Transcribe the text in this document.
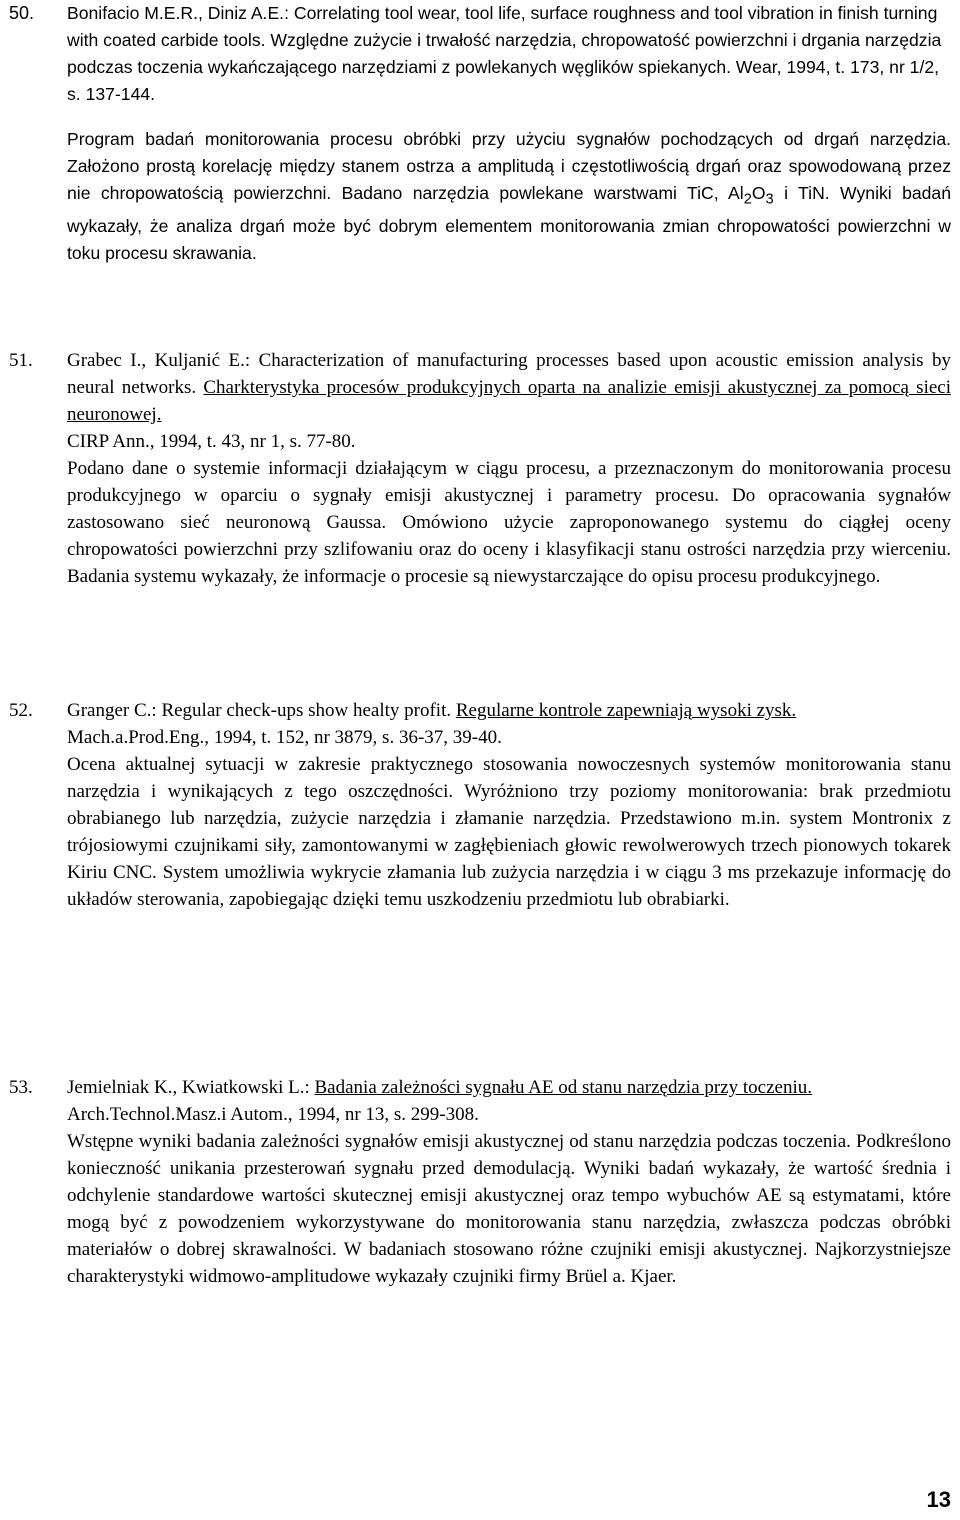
50. Bonifacio M.E.R., Diniz A.E.: Correlating tool wear, tool life, surface roughness and tool vibration in finish turning with coated carbide tools. Względne zużycie i trwałość narzędzia, chropowatość powierzchni i drgania narzędzia podczas toczenia wykańczającego narzędziami z powlekanych węglików spiekanych. Wear, 1994, t. 173, nr 1/2, s. 137-144.

Program badań monitorowania procesu obróbki przy użyciu sygnałów pochodzących od drgań narzędzia. Założono prostą korelację między stanem ostrza a amplitudą i częstotliwością drgań oraz spowodowaną przez nie chropowatością powierzchni. Badano narzędzia powlekane warstwami TiC, $Al_2O_3$ i TiN. Wyniki badań wykazały, że analiza drgań może być dobrym elementem monitorowania zmian chropowatości powierzchni w toku procesu skrawania.

51. Grabec I., Kuljanić E.: Characterization of manufacturing processes based upon acoustic emission analysis by neural networks. Charkterystyka procesów produkcyjnych oparta na analizie emisji akustycznej za pomocą sieci neuronowej.
CIRP Ann., 1994, t. 43, nr 1, s. 77-80.

Podano dane o systemie informacji działającym w ciągu procesu, a przeznaczonym do monitorowania procesu produkcyjnego w oparciu o sygnały emisji akustycznej i parametry procesu. Do opracowania sygnałów zastosowano sieć neuronową Gaussa. Omówiono użycie zaproponowanego systemu do ciągłej oceny chropowatości powierzchni przy szlifowaniu oraz do oceny i klasyfikacji stanu ostrości narzędzia przy wierceniu. Badania systemu wykazały, że informacje o procesie są niewystarczające do opisu procesu produkcyjnego.

52. Granger C.: Regular check-ups show healty profit. Regularne kontrole zapewniają wysoki zysk.
Mach.a.Prod.Eng., 1994, t. 152, nr 3879, s. 36-37, 39-40.

Ocena aktualnej sytuacji w zakresie praktycznego stosowania nowoczesnych systemów monitorowania stanu narzędzia i wynikających z tego oszczędności. Wyróżniono trzy poziomy monitorowania: brak przedmiotu obrabianego lub narzędzia, zużycie narzędzia i złamanie narzędzia. Przedstawiono m.in. system Montronix z trójosiowymi czujnikami siły, zamontowanymi w zagłębieniach głowic rewolwerowych trzech pionowych tokarek Kiriu CNC. System umożliwia wykrycie złamania lub zużycia narzędzia i w ciągu 3 ms przekazuje informację do układów sterowania, zapobiegając dzięki temu uszkodzeniu przedmiotu lub obrabiarki.

53. Jemielniak K., Kwiatkowski L.: Badania zależności sygnału AE od stanu narzędzia przy toczeniu.
Arch.Technol.Masz.i Autom., 1994, nr 13, s. 299-308.

Wstępne wyniki badania zależności sygnałów emisji akustycznej od stanu narzędzia podczas toczenia. Podkreślono konieczność unikania przesterowań sygnału przed demodulacją. Wyniki badań wykazały, że wartość średnia i odchylenie standardowe wartości skutecznej emisji akustycznej oraz tempo wybuchów AE są estymatami, które mogą być z powodzeniem wykorzystywane do monitorowania stanu narzędzia, zwłaszcza podczas obróbki materiałów o dobrej skrawalności. W badaniach stosowano różne czujniki emisji akustycznej. Najkorzystniejsze charakterystyki widmowo-amplitudowe wykazały czujniki firmy Brüel a. Kjaer.

13
